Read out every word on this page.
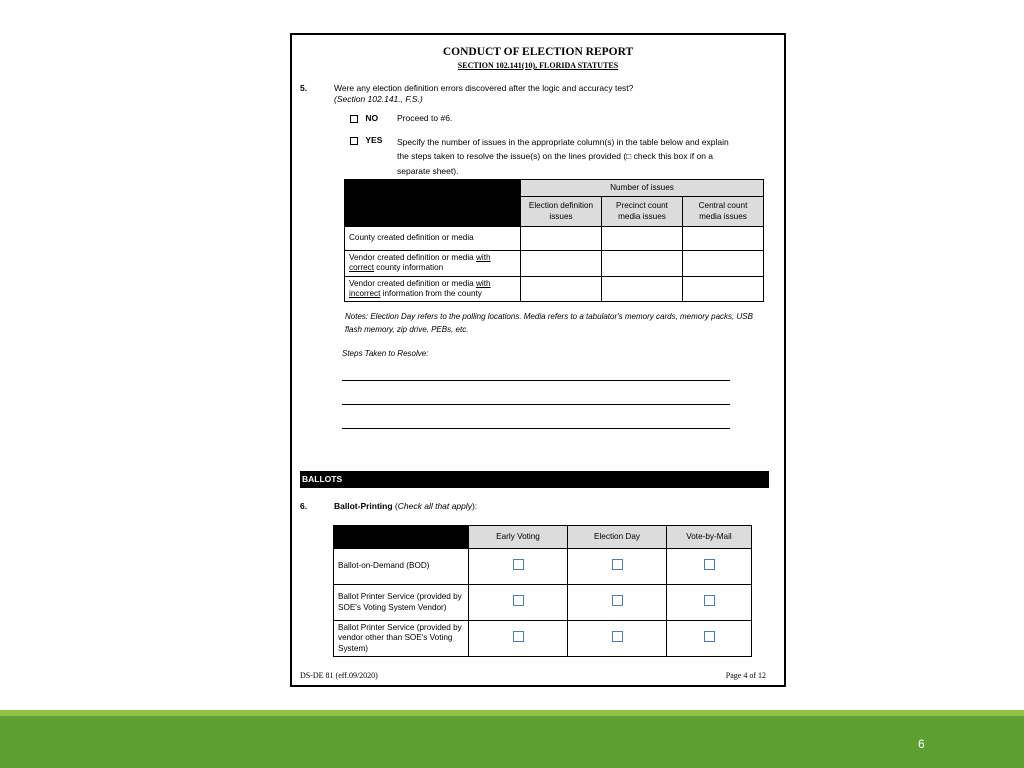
CONDUCT OF ELECTION REPORT
SECTION 102.141(10), FLORIDA STATUTES
5.	Were any election definition errors discovered after the logic and accuracy test?
(Section 102.141., F.S.)
NO Proceed to #6.
YES Specify the number of issues in the appropriate column(s) in the table below and explain
the steps taken to resolve the issue(s) on the lines provided (□ check this box if on a
separate sheet).
	Number of issues		
	Election definition issues	Precinct count media issues	Central count media issues
County created definition or media			
Vendor created definition or media with correct county information			
Vendor created definition or media with incorrect information from the county			
Notes: Election Day refers to the polling locations. Media refers to a tabulator's memory cards, memory packs, USB flash memory, zip drive, PEBs, etc.
Steps Taken to Resolve:
BALLOTS
6.	Ballot-Printing (Check all that apply):
	Early Voting	Election Day	Vote-by-Mail
Ballot-on-Demand (BOD)			
Ballot Printer Service (provided by SOE's Voting System Vendor)			
Ballot Printer Service (provided by vendor other than SOE's Voting System)			
DS-DE 81 (eff.09/2020)	Page 4 of 12
6
